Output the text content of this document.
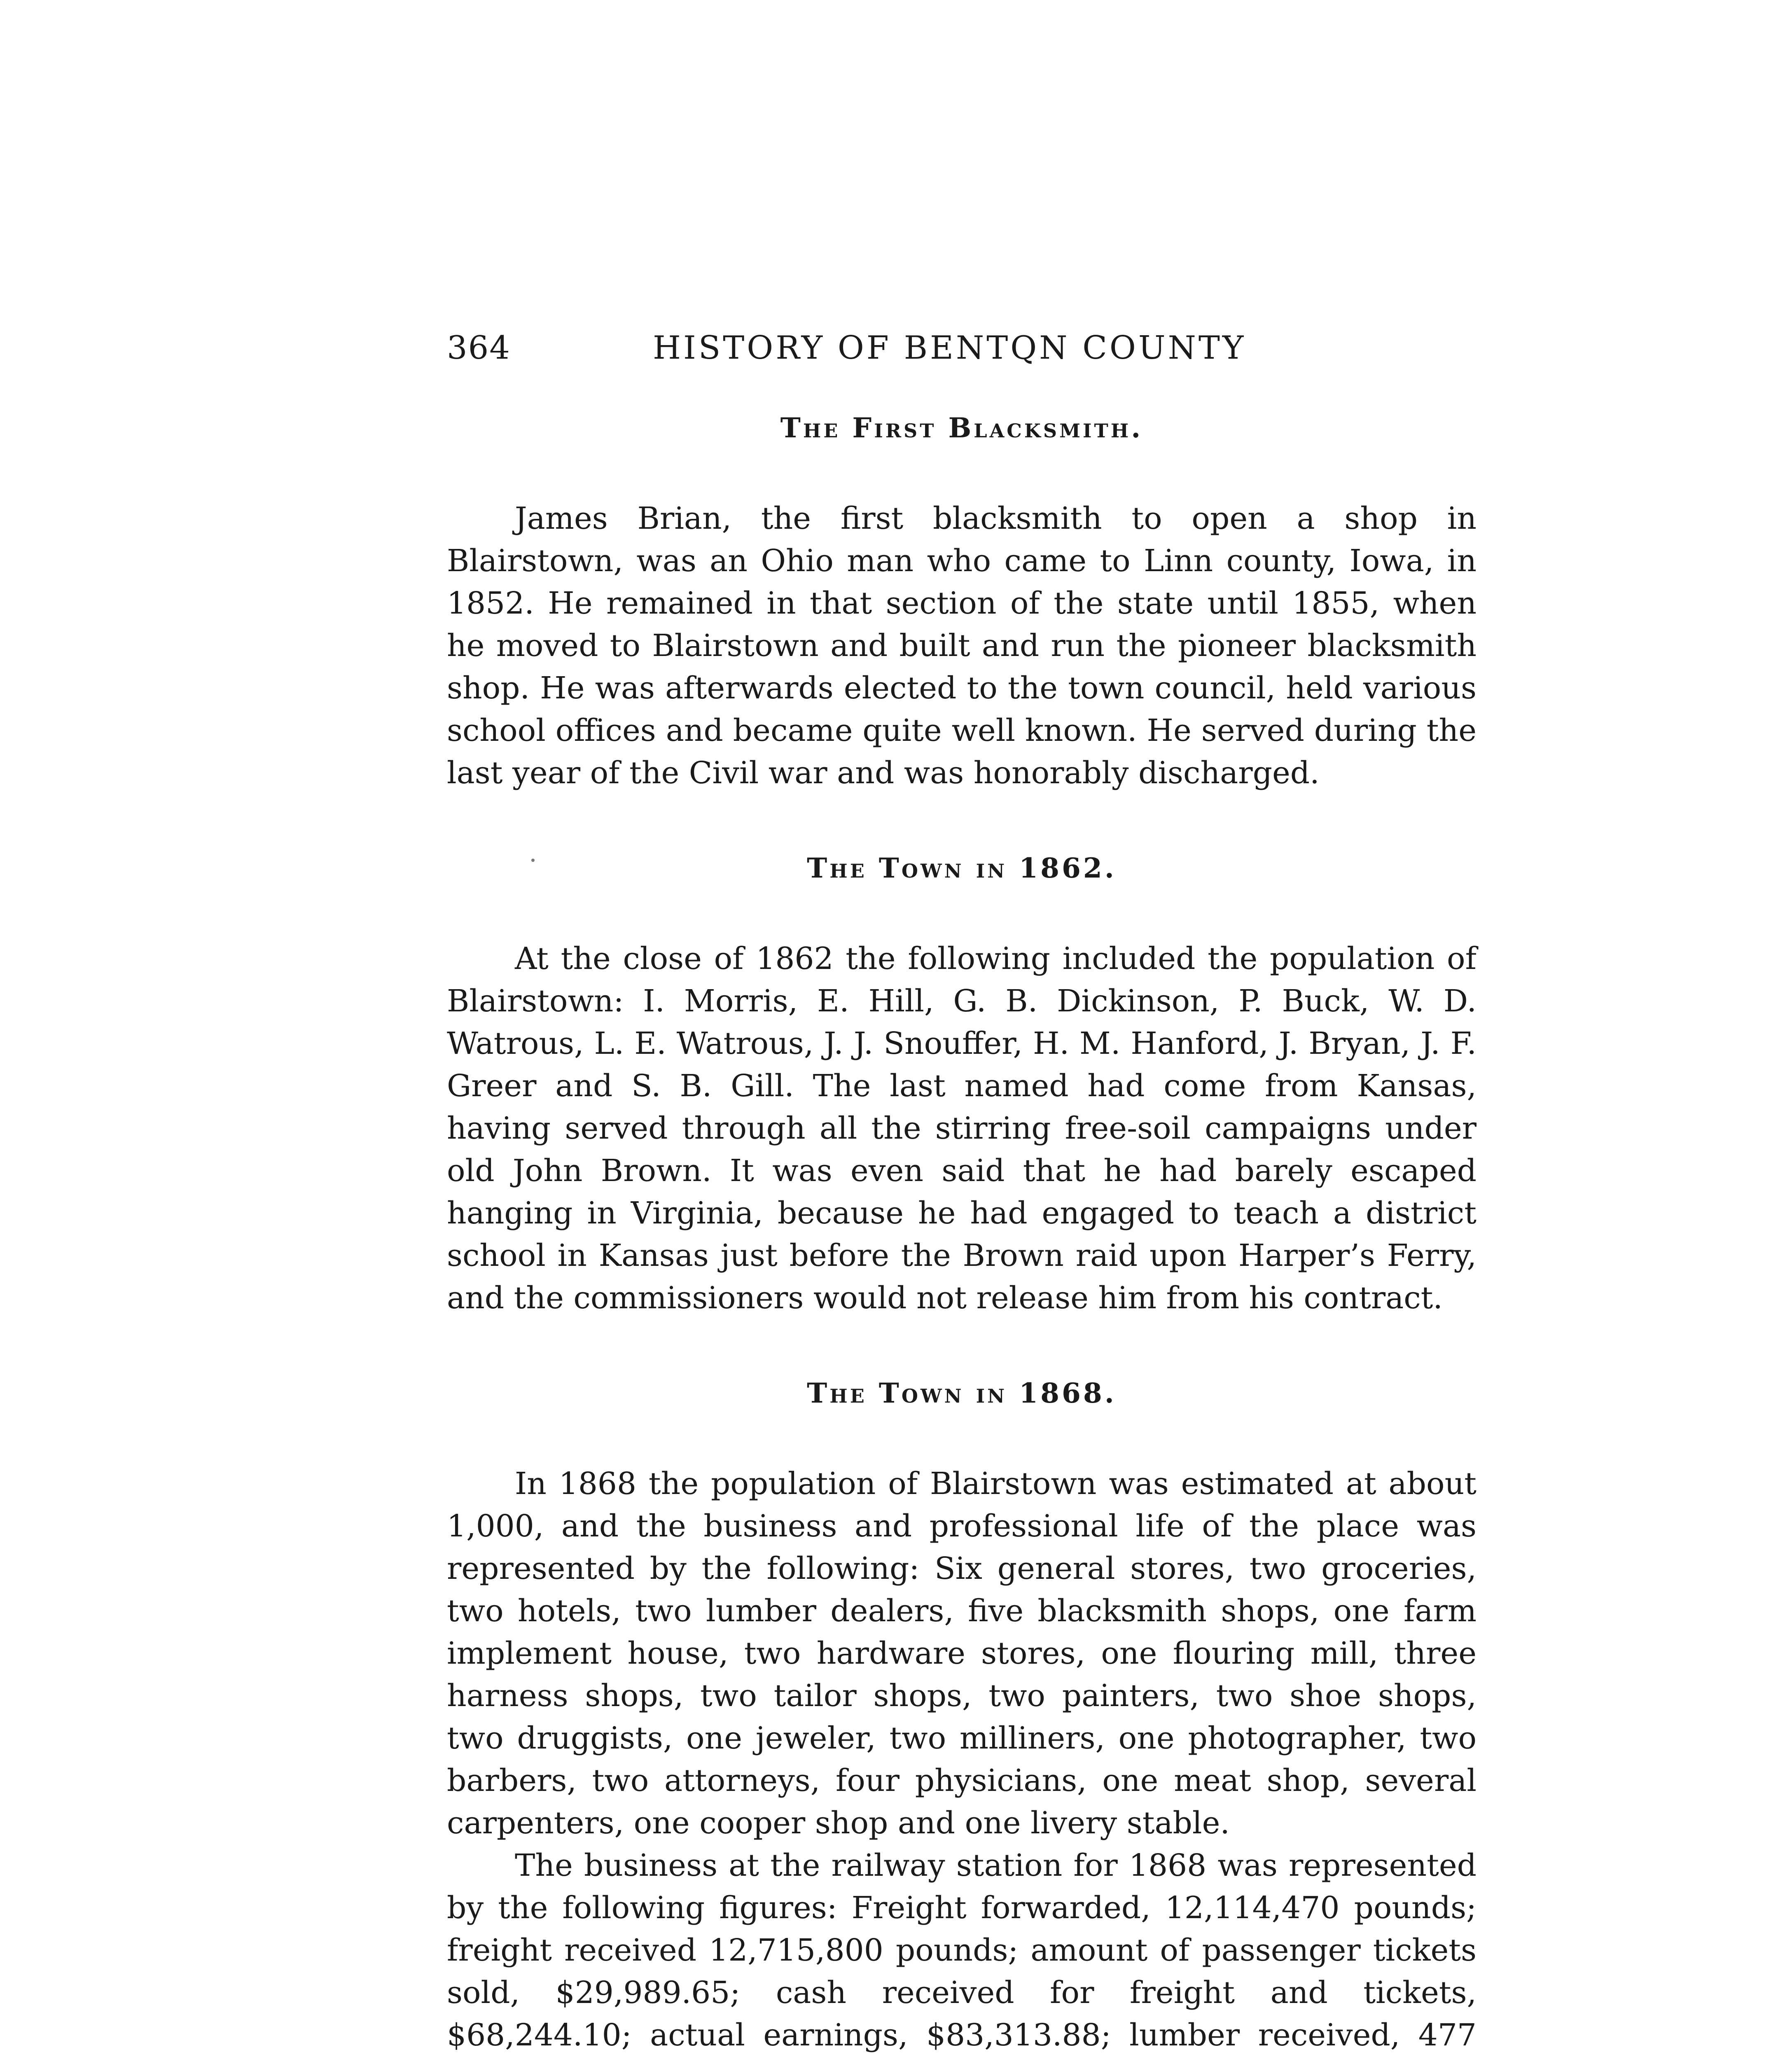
364	HISTORY OF BENTQN COUNTY
The First Blacksmith.

James Brian, the first blacksmith to open a shop in Blairstown, was an Ohio man who came to Linn county, Iowa, in 1852. He remained in that section of the state until 1855, when he moved to Blairstown and built and run the pioneer blacksmith shop. He was afterwards elected to the town council, held various school offices and became quite well known. He served during the last year of the Civil war and was honorably discharged.

The Town in 1862.

At the close of 1862 the following included the population of Blairstown: I. Morris, E. Hill, G. B. Dickinson, P. Buck, W. D. Watrous, L. E. Watrous, J. J. Snouffer, H. M. Hanford, J. Bryan, J. F. Greer and S. B. Gill. The last named had come from Kansas, having served through all the stirring free-soil campaigns under old John Brown. It was even said that he had barely escaped hanging in Virginia, because he had engaged to teach a district school in Kansas just before the Brown raid upon Harper’s Ferry, and the commissioners would not release him from his contract.

The Town in 1868.

In 1868 the population of Blairstown was estimated at about 1,000, and the business and professional life of the place was represented by the following: Six general stores, two groceries, two hotels, two lumber dealers, five blacksmith shops, one farm implement house, two hardware stores, one flouring mill, three harness shops, two tailor shops, two painters, two shoe shops, two druggists, one jeweler, two milliners, one photographer, two barbers, two attorneys, four physicians, one meat shop, several carpenters, one cooper shop and one livery stable.

The business at the railway station for 1868 was represented by the following figures: Freight forwarded, 12,114,470 pounds; freight received 12,715,800 pounds; amount of passenger tickets sold, $29,989.65; cash received for freight and tickets, $68,244.10; actual earnings, $83,313.88; lumber received, 477
